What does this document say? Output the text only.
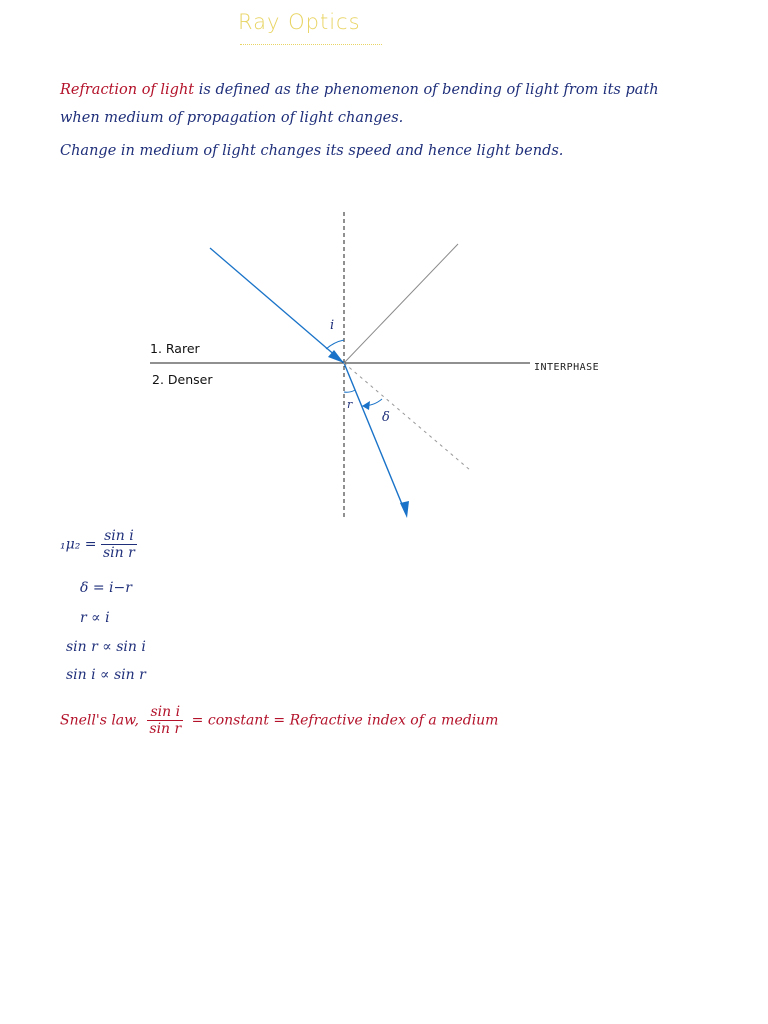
Ray Optics
Refraction of light is defined as the phenomenon of bending of light from its path
when medium of propagation of light changes.
Change in medium of light changes its speed and hence light bends.
1. Rarer
2. Denser
INTERPHASE
i
r
δ
$_1\mu_2 = \frac{\text{sin i}}{\text{sin r}}$
δ = i−r
r ∝ i
sin r ∝ sin i
sin i ∝ sin r
Snell's law, $\frac{\text{sin i}}{\text{sin r}}$ = constant = Refractive index of a medium
